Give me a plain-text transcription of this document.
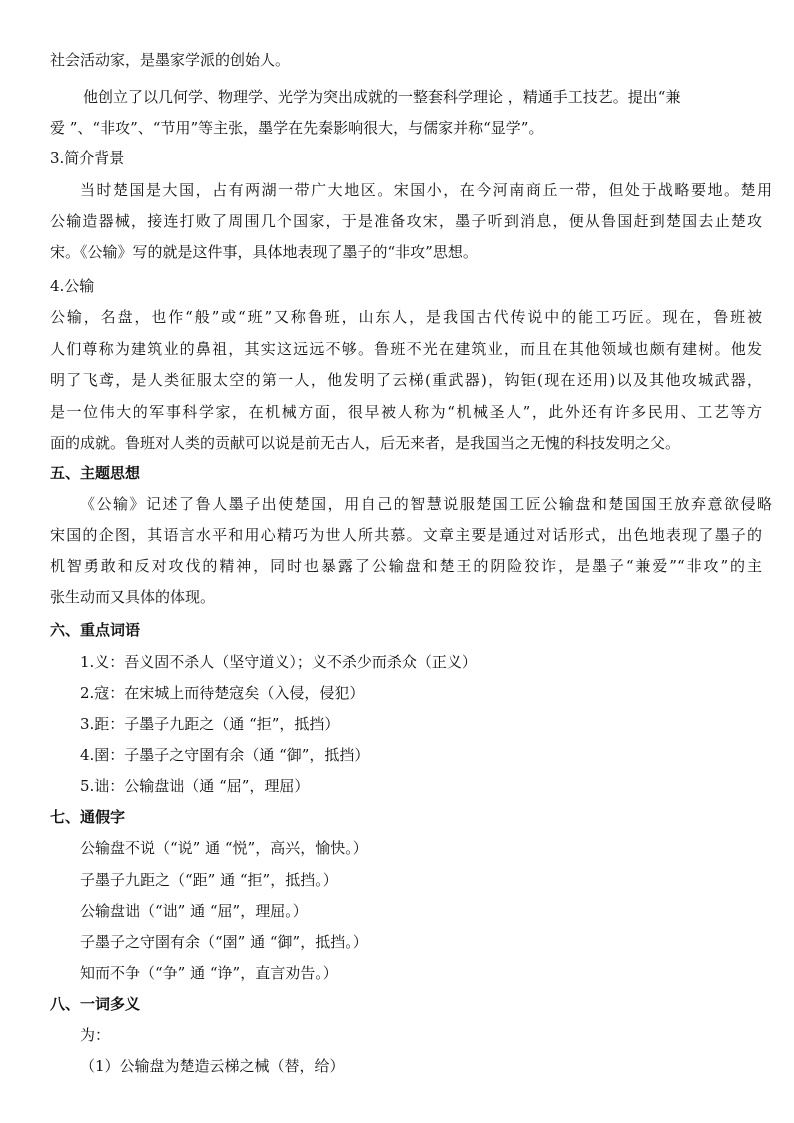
社会活动家，是墨家学派的创始人。

他创立了以几何学、物理学、光学为突出成就的一整套科学理论 ，精通手工技艺。提出“兼

爱 ”、“非攻”、“节用”等主张，墨学在先秦影响很大，与儒家并称“显学”。

3.简介背景

当时楚国是大国，占有两湖一带广大地区。宋国小，在今河南商丘一带，但处于战略要地。楚用

公输造器械，接连打败了周围几个国家，于是准备攻宋，墨子听到消息，便从鲁国赶到楚国去止楚攻

宋。《公输》写的就是这件事，具体地表现了墨子的“非攻”思想。

4.公输

公输，名盘，也作“般”或“班”又称鲁班，山东人，是我国古代传说中的能工巧匠。现在，鲁班被

人们尊称为建筑业的鼻祖，其实这远远不够。鲁班不光在建筑业，而且在其他领域也颇有建树。他发

明了飞鸢，是人类征服太空的第一人，他发明了云梯(重武器)，钩钜(现在还用)以及其他攻城武器，

是一位伟大的军事科学家，在机械方面，很早被人称为“机械圣人”，此外还有许多民用、工艺等方

面的成就。鲁班对人类的贡献可以说是前无古人，后无来者，是我国当之无愧的科技发明之父。

五、主题思想

《公输》记述了鲁人墨子出使楚国，用自己的智慧说服楚国工匠公输盘和楚国国王放弃意欲侵略

宋国的企图，其语言水平和用心精巧为世人所共慕。文章主要是通过对话形式，出色地表现了墨子的

机智勇敢和反对攻伐的精神，同时也暴露了公输盘和楚王的阴险狡诈，是墨子“兼爱”“非攻”的主

张生动而又具体的体现。

六、重点词语

1.义：吾义固不杀人（坚守道义）；义不杀少而杀众（正义）

2.寇：在宋城上而待楚寇矣（入侵，侵犯）

3.距：子墨子九距之（通 “拒”，抵挡）

4.圉：子墨子之守圉有余（通 “御”，抵挡）

5.诎：公输盘诎（通 “屈”，理屈）

七、通假字

公输盘不说（“说” 通 “悦”，高兴，愉快。）

子墨子九距之（“距” 通 “拒”，抵挡。）

公输盘诎（“诎” 通 “屈”，理屈。）

子墨子之守圉有余（“圉” 通 “御”，抵挡。）

知而不争（“争” 通 “诤”，直言劝告。）

八、一词多义

为：

（1）公输盘为楚造云梯之械（替，给）
